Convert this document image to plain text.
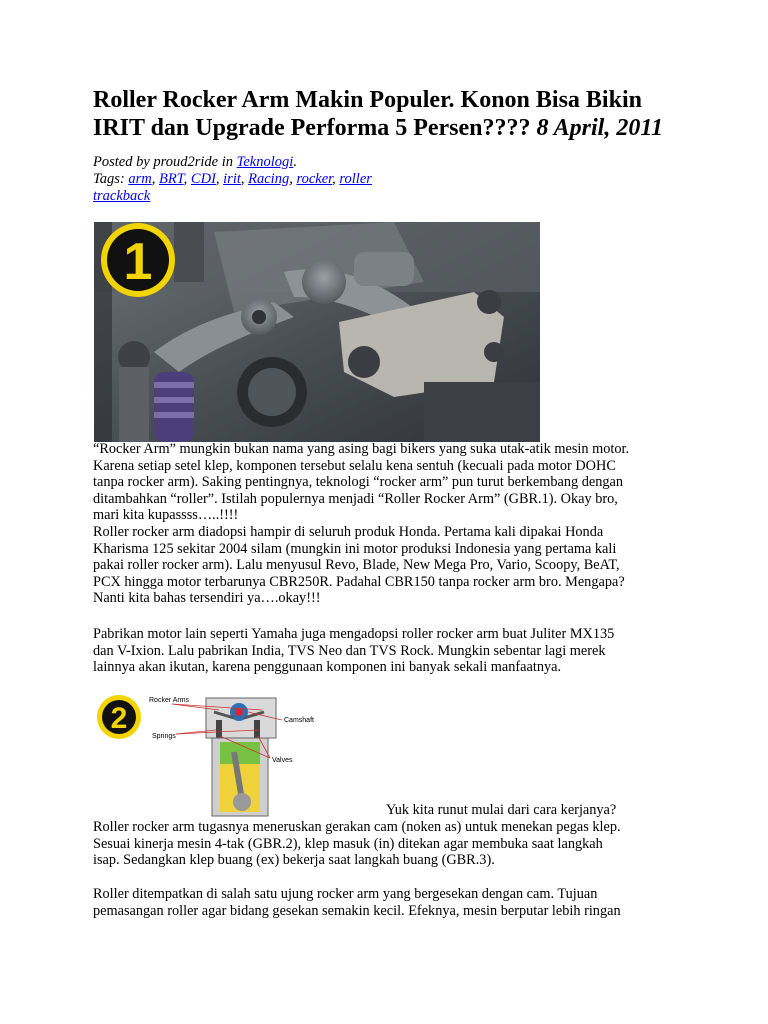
Roller Rocker Arm Makin Populer. Konon Bisa Bikin IRIT dan Upgrade Performa 5 Persen???? 8 April, 2011
Posted by proud2ride in Teknologi.
Tags: arm, BRT, CDI, irit, Racing, rocker, roller
trackback
1
“Rocker Arm” mungkin bukan nama yang asing bagi bikers yang suka utak-atik mesin motor.
Karena setiap setel klep, komponen tersebut selalu kena sentuh (kecuali pada motor DOHC
tanpa rocker arm). Saking pentingnya, teknologi “rocker arm” pun turut berkembang dengan
ditambahkan “roller”. Istilah populernya menjadi “Roller Rocker Arm” (GBR.1). Okay bro,
mari kita kupassss…..!!!!
Roller rocker arm diadopsi hampir di seluruh produk Honda. Pertama kali dipakai Honda
Kharisma 125 sekitar 2004 silam (mungkin ini motor produksi Indonesia yang pertama kali
pakai roller rocker arm). Lalu menyusul Revo, Blade, New Mega Pro, Vario, Scoopy, BeAT,
PCX hingga motor terbarunya CBR250R. Padahal CBR150 tanpa rocker arm bro. Mengapa?
Nanti kita bahas tersendiri ya….okay!!!
Pabrikan motor lain seperti Yamaha juga mengadopsi roller rocker arm buat Juliter MX135
dan V-Ixion. Lalu pabrikan India, TVS Neo dan TVS Rock. Mungkin sebentar lagi merek
lainnya akan ikutan, karena penggunaan komponen ini banyak sekali manfaatnya.
2
Rocker Arms
Camshaft
Springs
Valves
Yuk kita runut mulai dari cara kerjanya?
Roller rocker arm tugasnya meneruskan gerakan cam (noken as) untuk menekan pegas klep.
Sesuai kinerja mesin 4-tak (GBR.2), klep masuk (in) ditekan agar membuka saat langkah
isap. Sedangkan klep buang (ex) bekerja saat langkah buang (GBR.3).
Roller ditempatkan di salah satu ujung rocker arm yang bergesekan dengan cam. Tujuan
pemasangan roller agar bidang gesekan semakin kecil. Efeknya, mesin berputar lebih ringan
